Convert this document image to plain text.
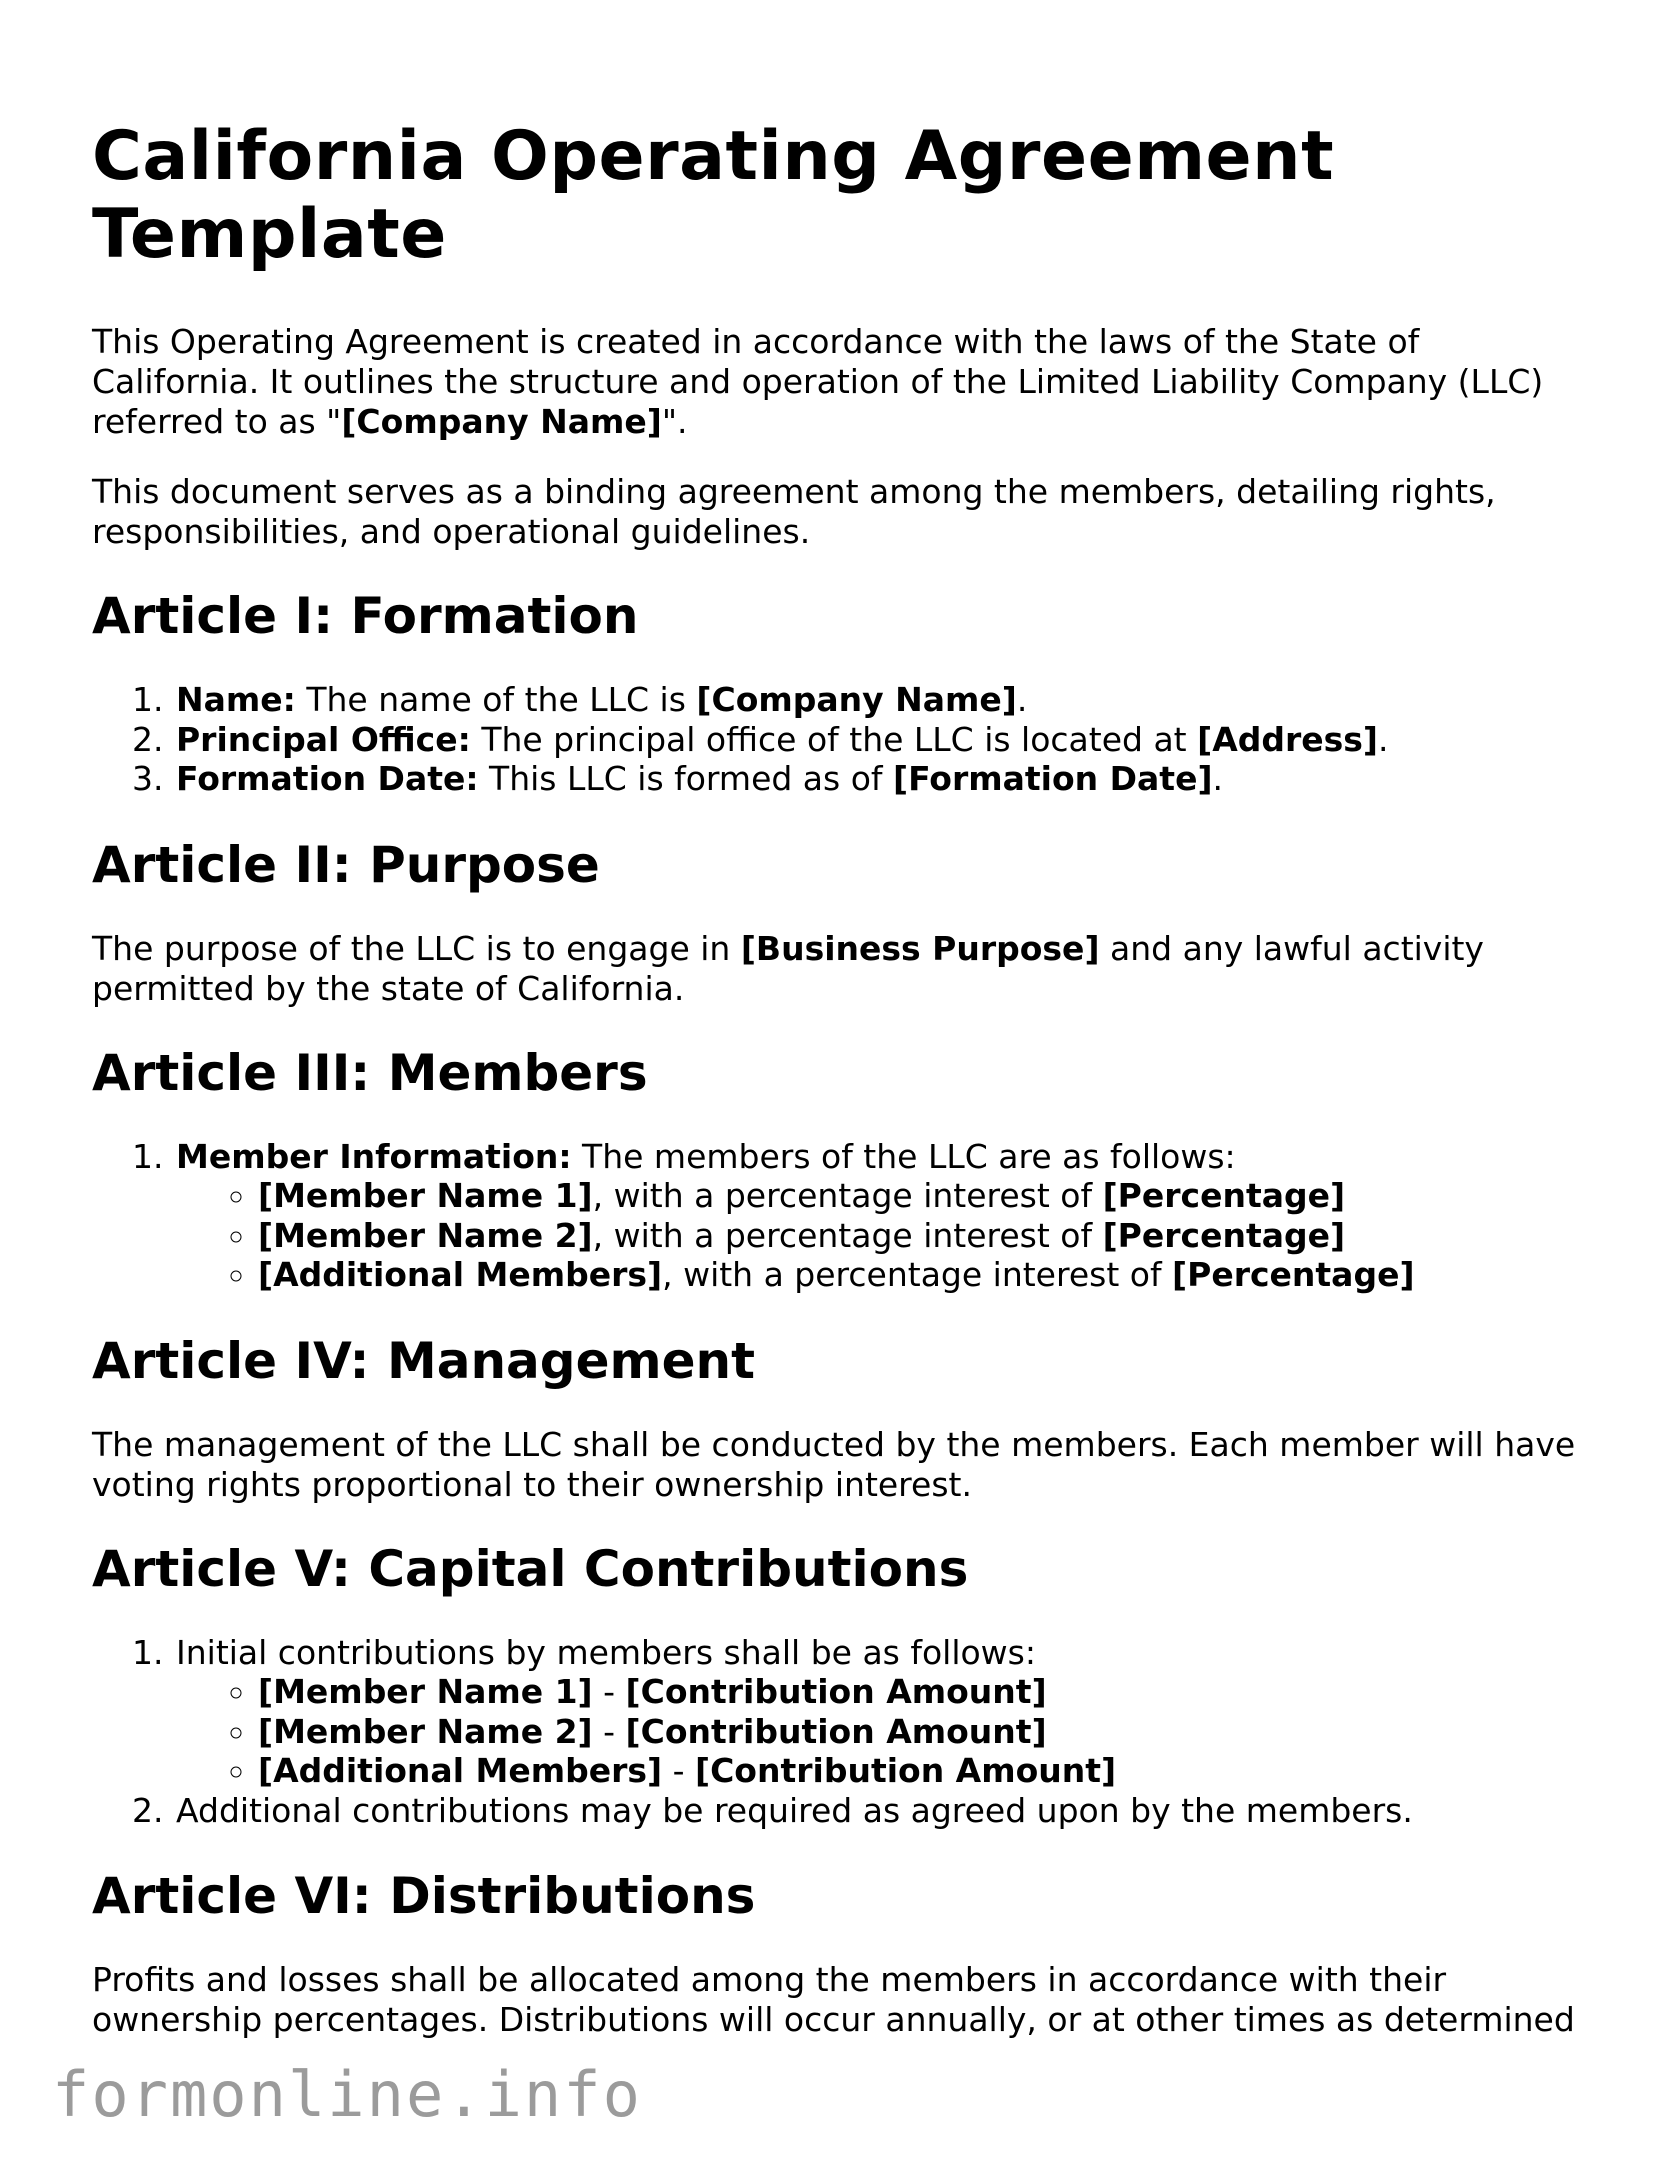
California Operating Agreement Template

This Operating Agreement is created in accordance with the laws of the State of California. It outlines the structure and operation of the Limited Liability Company (LLC) referred to as "[Company Name]".

This document serves as a binding agreement among the members, detailing rights, responsibilities, and operational guidelines.

Article I: Formation
1. Name: The name of the LLC is [Company Name].
2. Principal Office: The principal office of the LLC is located at [Address].
3. Formation Date: This LLC is formed as of [Formation Date].
Article II: Purpose

The purpose of the LLC is to engage in [Business Purpose] and any lawful activity permitted by the state of California.

Article III: Members
1. Member Information: The members of the LLC are as follows:
◦ [Member Name 1], with a percentage interest of [Percentage]
◦ [Member Name 2], with a percentage interest of [Percentage]
◦ [Additional Members], with a percentage interest of [Percentage]
Article IV: Management

The management of the LLC shall be conducted by the members. Each member will have voting rights proportional to their ownership interest.

Article V: Capital Contributions
1. Initial contributions by members shall be as follows:
◦ [Member Name 1] - [Contribution Amount]
◦ [Member Name 2] - [Contribution Amount]
◦ [Additional Members] - [Contribution Amount]
2. Additional contributions may be required as agreed upon by the members.
Article VI: Distributions

Profits and losses shall be allocated among the members in accordance with their ownership percentages. Distributions will occur annually, or at other times as determined

formonline.info
